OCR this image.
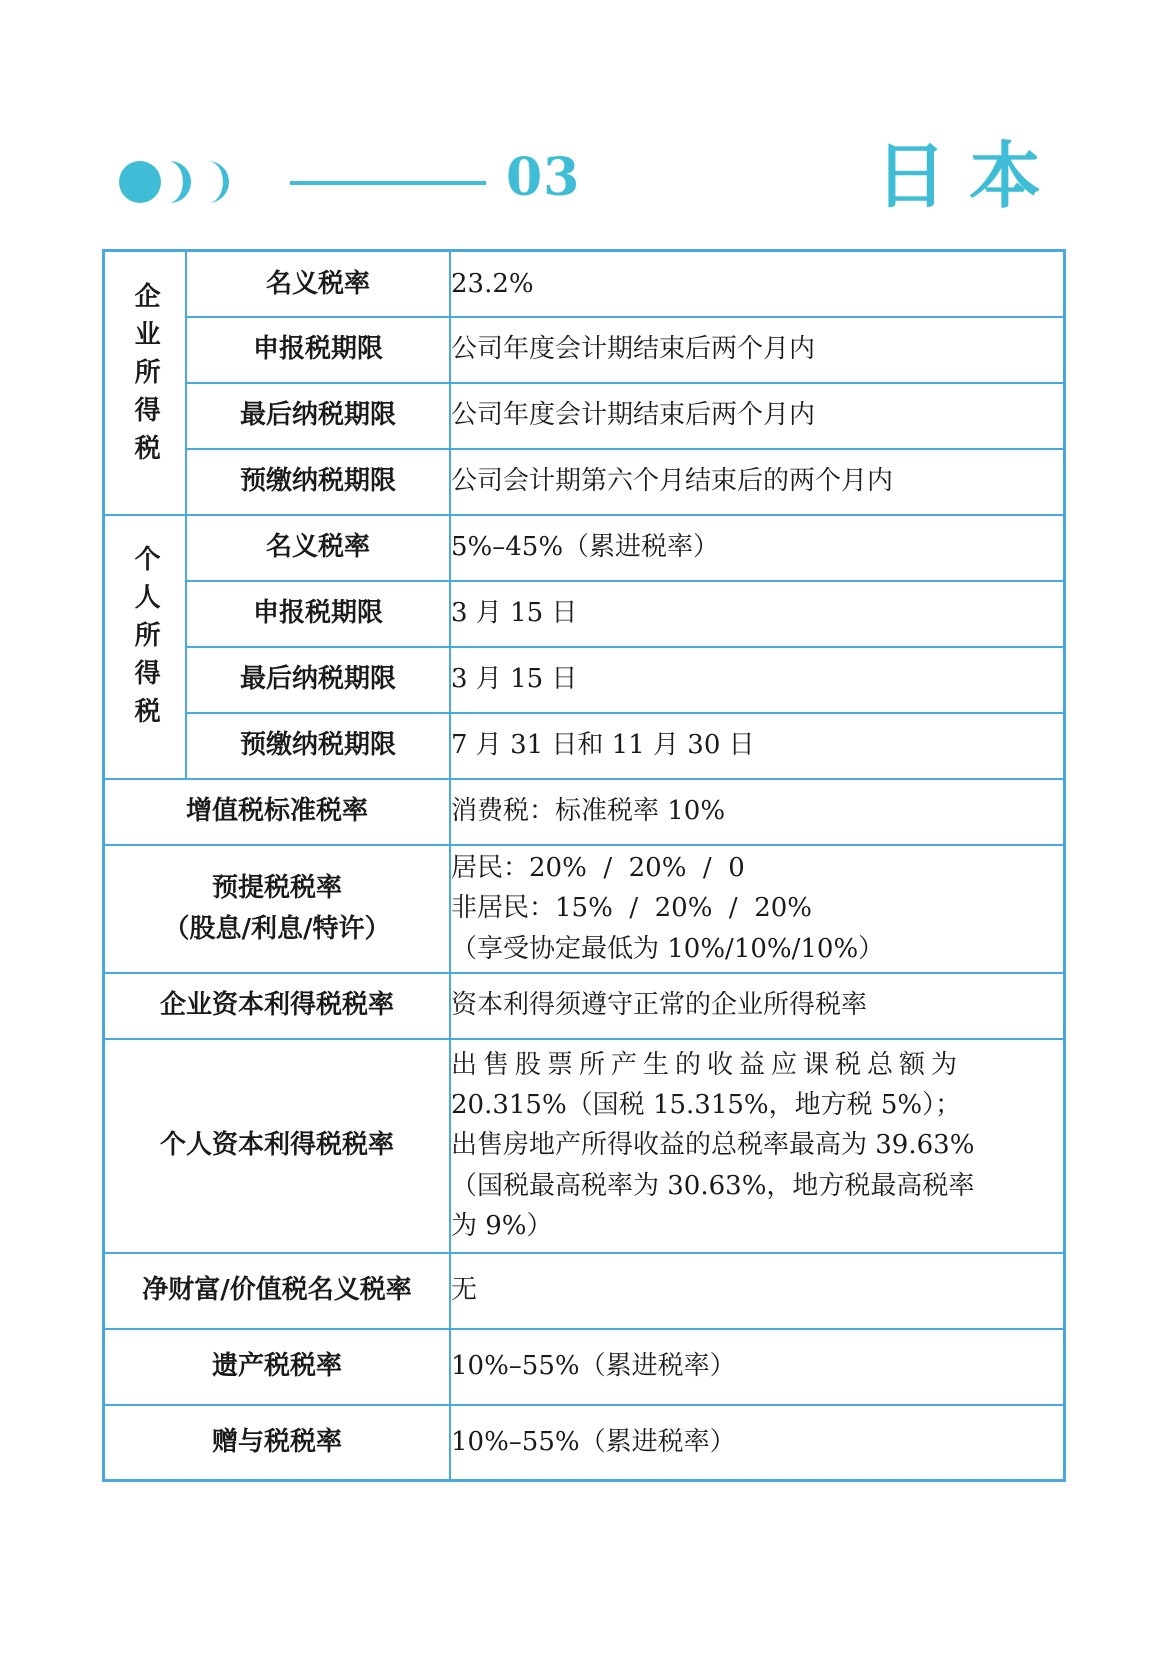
03	日本
企业所得税	名义税率	23.2%
	申报税期限	公司年度会计期结束后两个月内
	最后纳税期限	公司年度会计期结束后两个月内
	预缴纳税期限	公司会计期第六个月结束后的两个月内
个人所得税	名义税率	5%–45%（累进税率）
	申报税期限	3 月 15 日
	最后纳税期限	3 月 15 日
	预缴纳税期限	7 月 31 日和 11 月 30 日
增值税标准税率		消费税：标准税率 10%

预提税税率
（股息/利息/特许）		居民：20%  /  20%  /  0
非居民：15%  /  20%  /  20%
（享受协定最低为 10%/10%/10%）

企业资本利得税税率		资本利得须遵守正常的企业所得税率
个人资本利得税税率		出售股票所产生的收益应课税总额为
20.315%（国税 15.315%，地方税 5%）；
出售房地产所得收益的总税率最高为 39.63%
（国税最高税率为 30.63%，地方税最高税率
为 9%）

净财富/价值税名义税率		无
遗产税税率		10%–55%（累进税率）
赠与税税率		10%–55%（累进税率）
